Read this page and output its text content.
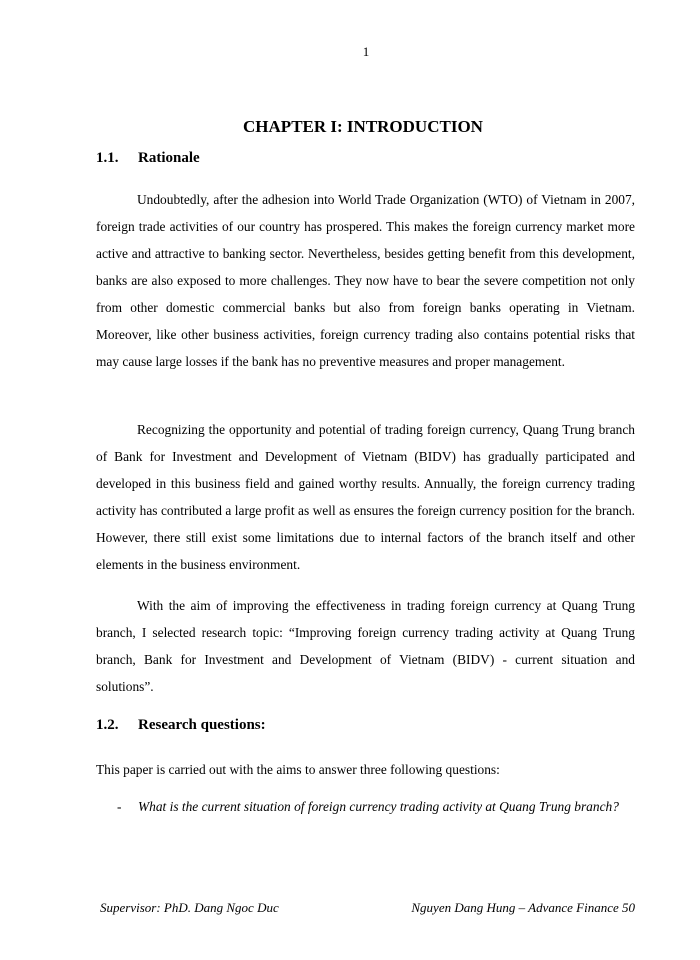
1
CHAPTER I: INTRODUCTION
1.1. Rationale

Undoubtedly, after the adhesion into World Trade Organization (WTO) of Vietnam in 2007, foreign trade activities of our country has prospered. This makes the foreign currency market more active and attractive to banking sector. Nevertheless, besides getting benefit from this development, banks are also exposed to more challenges. They now have to bear the severe competition not only from other domestic commercial banks but also from foreign banks operating in Vietnam. Moreover, like other business activities, foreign currency trading also contains potential risks that may cause large losses if the bank has no preventive measures and proper management.

Recognizing the opportunity and potential of trading foreign currency, Quang Trung branch of Bank for Investment and Development of Vietnam (BIDV) has gradually participated and developed in this business field and gained worthy results. Annually, the foreign currency trading activity has contributed a large profit as well as ensures the foreign currency position for the branch. However, there still exist some limitations due to internal factors of the branch itself and other elements in the business environment.

With the aim of improving the effectiveness in trading foreign currency at Quang Trung branch, I selected research topic: “Improving foreign currency trading activity at Quang Trung branch, Bank for Investment and Development of Vietnam (BIDV) - current situation and solutions”.

1.2. Research questions:

This paper is carried out with the aims to answer three following questions:

- What is the current situation of foreign currency trading activity at Quang Trung branch?
Supervisor: PhD. Dang Ngoc Duc	Nguyen Dang Hung – Advance Finance 50
